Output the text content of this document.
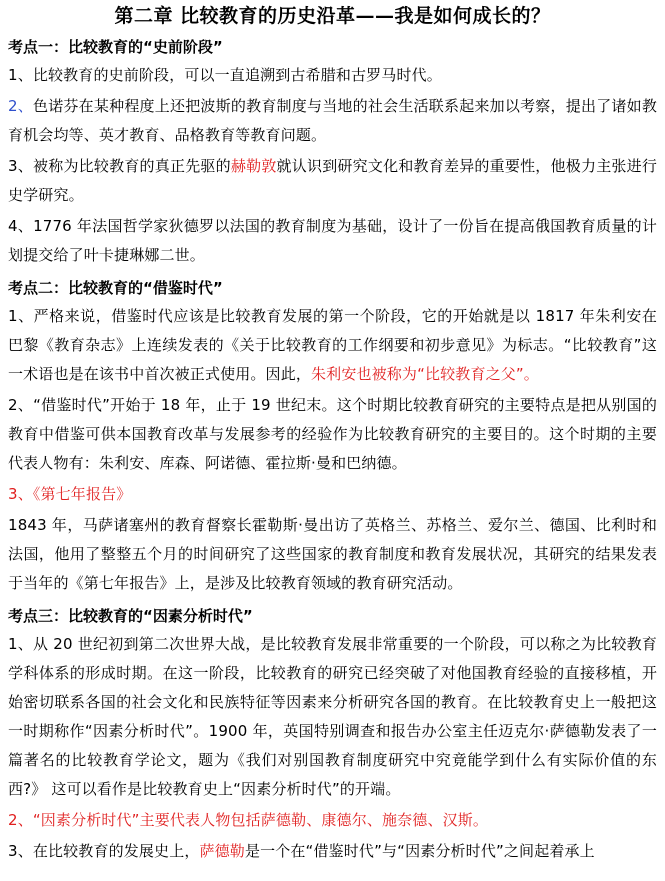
第二章 比较教育的历史沿革——我是如何成长的？
考点一：比较教育的“史前阶段”
1、比较教育的史前阶段，可以一直追溯到古希腊和古罗马时代。
2、色诺芬在某种程度上还把波斯的教育制度与当地的社会生活联系起来加以考察，提出了诸如教育机会均等、英才教育、品格教育等教育问题。
3、被称为比较教育的真正先驱的赫勒敦就认识到研究文化和教育差异的重要性，他极力主张进行史学研究。
4、1776 年法国哲学家狄德罗以法国的教育制度为基础，设计了一份旨在提高俄国教育质量的计划提交给了叶卡捷琳娜二世。
考点二：比较教育的“借鉴时代”
1、严格来说，借鉴时代应该是比较教育发展的第一个阶段，它的开始就是以 1817 年朱利安在巴黎《教育杂志》上连续发表的《关于比较教育的工作纲要和初步意见》为标志。“比较教育”这一术语也是在该书中首次被正式使用。因此，朱利安也被称为“比较教育之父”。
2、“借鉴时代”开始于 18 年，止于 19 世纪末。这个时期比较教育研究的主要特点是把从别国的教育中借鉴可供本国教育改革与发展参考的经验作为比较教育研究的主要目的。这个时期的主要代表人物有：朱利安、库森、阿诺德、霍拉斯·曼和巴纳德。
3、《第七年报告》
1843 年，马萨诸塞州的教育督察长霍勒斯·曼出访了英格兰、苏格兰、爱尔兰、德国、比利时和法国，他用了整整五个月的时间研究了这些国家的教育制度和教育发展状况，其研究的结果发表于当年的《第七年报告》上，是涉及比较教育领域的教育研究活动。
考点三：比较教育的“因素分析时代”
1、从 20 世纪初到第二次世界大战，是比较教育发展非常重要的一个阶段，可以称之为比较教育学科体系的形成时期。在这一阶段，比较教育的研究已经突破了对他国教育经验的直接移植，开始密切联系各国的社会文化和民族特征等因素来分析研究各国的教育。在比较教育史上一般把这一时期称作“因素分析时代”。1900 年，英国特别调查和报告办公室主任迈克尔·萨德勒发表了一篇著名的比较教育学论文，题为《我们对别国教育制度研究中究竟能学到什么有实际价值的东西?》 这可以看作是比较教育史上“因素分析时代”的开端。
2、“因素分析时代”主要代表人物包括萨德勒、康德尔、施奈德、汉斯。
3、在比较教育的发展史上，萨德勒是一个在“借鉴时代”与“因素分析时代”之间起着承上
